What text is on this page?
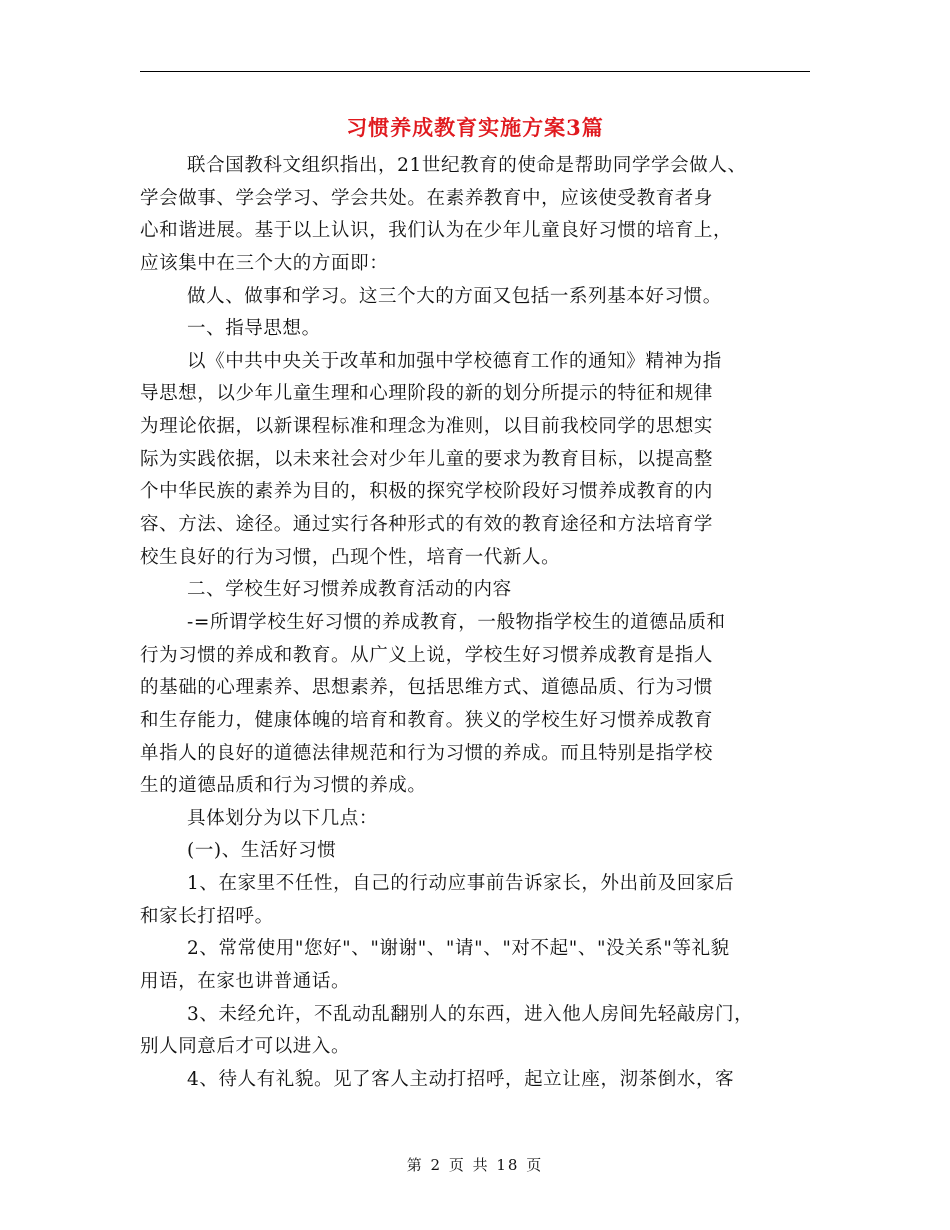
习惯养成教育实施方案3篇
联合国教科文组织指出，21世纪教育的使命是帮助同学学会做人、
学会做事、学会学习、学会共处。在素养教育中，应该使受教育者身
心和谐进展。基于以上认识，我们认为在少年儿童良好习惯的培育上，
应该集中在三个大的方面即：
做人、做事和学习。这三个大的方面又包括一系列基本好习惯。
一、指导思想。
以《中共中央关于改革和加强中学校德育工作的通知》精神为指
导思想，以少年儿童生理和心理阶段的新的划分所提示的特征和规律
为理论依据，以新课程标准和理念为准则，以目前我校同学的思想实
际为实践依据，以未来社会对少年儿童的要求为教育目标，以提高整
个中华民族的素养为目的，积极的探究学校阶段好习惯养成教育的内
容、方法、途径。通过实行各种形式的有效的教育途径和方法培育学
校生良好的行为习惯，凸现个性，培育一代新人。
二、学校生好习惯养成教育活动的内容
-=所谓学校生好习惯的养成教育，一般物指学校生的道德品质和
行为习惯的养成和教育。从广义上说，学校生好习惯养成教育是指人
的基础的心理素养、思想素养，包括思维方式、道德品质、行为习惯
和生存能力，健康体魄的培育和教育。狭义的学校生好习惯养成教育
单指人的良好的道德法律规范和行为习惯的养成。而且特别是指学校
生的道德品质和行为习惯的养成。
具体划分为以下几点：
(一)、生活好习惯
1、在家里不任性，自己的行动应事前告诉家长，外出前及回家后
和家长打招呼。
2、常常使用"您好"、"谢谢"、"请"、"对不起"、"没关系"等礼貌
用语，在家也讲普通话。
3、未经允许，不乱动乱翻别人的东西，进入他人房间先轻敲房门，
别人同意后才可以进入。
4、待人有礼貌。见了客人主动打招呼，起立让座，沏茶倒水，客
第 2 页 共 18 页
